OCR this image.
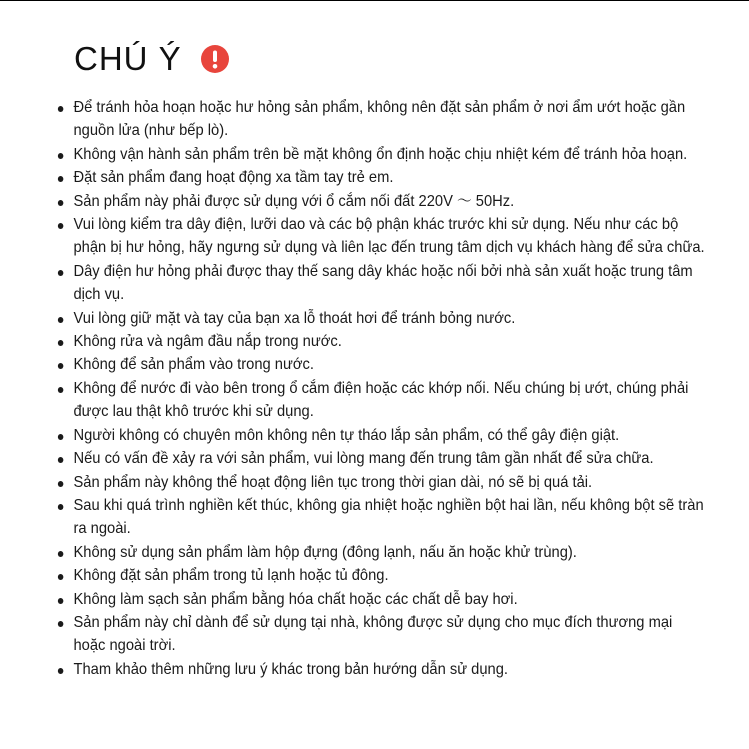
CHÚ Ý
Để tránh hỏa hoạn hoặc hư hỏng sản phẩm, không nên đặt sản phẩm ở nơi ẩm ướt hoặc gần nguồn lửa (như bếp lò).
Không vận hành sản phẩm trên bề mặt không ổn định hoặc chịu nhiệt kém để tránh hỏa hoạn.
Đặt sản phẩm đang hoạt động xa tầm tay trẻ em.
Sản phẩm này phải được sử dụng với ổ cắm nối đất 220V ～ 50Hz.
Vui lòng kiểm tra dây điện, lưỡi dao và các bộ phận khác trước khi sử dụng. Nếu như các bộ phận bị hư hỏng, hãy ngưng sử dụng và liên lạc đến trung tâm dịch vụ khách hàng để sửa chữa.
Dây điện hư hỏng phải được thay thế sang dây khác hoặc nối bởi nhà sản xuất hoặc trung tâm dịch vụ.
Vui lòng giữ mặt và tay của bạn xa lỗ thoát hơi để tránh bỏng nước.
Không rửa và ngâm đầu nắp trong nước.
Không để sản phẩm vào trong nước.
Không để nước đi vào bên trong ổ cắm điện hoặc các khớp nối. Nếu chúng bị ướt, chúng phải được lau thật khô trước khi sử dụng.
Người không có chuyên môn không nên tự tháo lắp sản phẩm, có thể gây điện giật.
Nếu có vấn đề xảy ra với sản phẩm, vui lòng mang đến trung tâm gần nhất để sửa chữa.
Sản phẩm này không thể hoạt động liên tục trong thời gian dài, nó sẽ bị quá tải.
Sau khi quá trình nghiền kết thúc, không gia nhiệt hoặc nghiền bột hai lần, nếu không bột sẽ tràn ra ngoài.
Không sử dụng sản phẩm làm hộp đựng (đông lạnh, nấu ăn hoặc khử trùng).
Không đặt sản phẩm trong tủ lạnh hoặc tủ đông.
Không làm sạch sản phẩm bằng hóa chất hoặc các chất dễ bay hơi.
Sản phẩm này chỉ dành để sử dụng tại nhà, không được sử dụng cho mục đích thương mại hoặc ngoài trời.
Tham khảo thêm những lưu ý khác trong bản hướng dẫn sử dụng.
